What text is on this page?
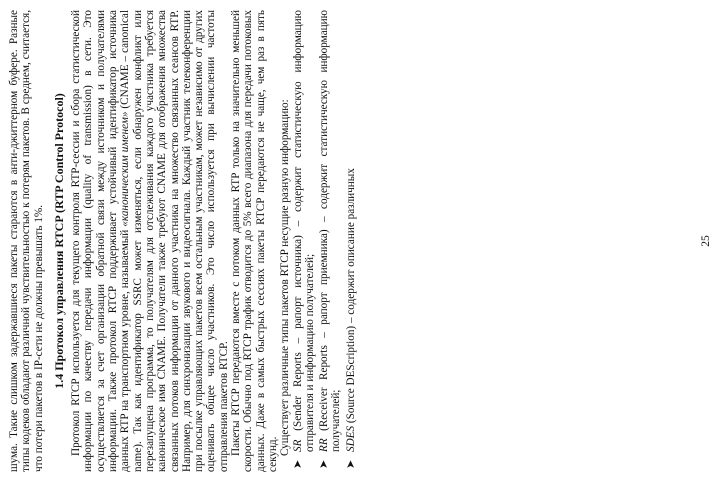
шума. Такие слишком задержавшиеся пакеты стараются в анти-джиттерном буфере. Разные типы кодеков обладают различной чувствительностью к потерям пакетов. В среднем, считается, что потери пакетов в IP-сети не должны превышать 1%. 1.4 Протокол управления RTCP (RTP Control Protocol) Протокол RTCP используется для текущего контроля RTP-сессии и сбора статистической информации по качеству передачи информации (quality of transmission) в сети. Это осуществляется за счет организации обратной связи между источником и получателями информации. Также протокол RTCP поддерживает устойчивый идентификатор источника данных RTP на транспортном уровне, называемый «каноническим именем» (CNAME – canonical name). Так как идентификатор SSRC может изменяться, если обнаружен конфликт или перезапущена программа, то получателям для отслеживания каждого участника требуется каноническое имя CNAME. Получатели также требуют CNAME для отображения множества связанных потоков информации от данного участника на множество связанных сеансов RTP. Например, для синхронизации звукового и видеосигнала. Каждый участник телеконференции при посылке управляющих пакетов всем остальным участникам, может независимо от других оценивать общее число участников. Это число используется при вычислении частоты отправления пакетов RTCP. Пакеты RTCP передаются вместе с потоком данных RTP только на значительно меньшей скорости. Обычно под RTCP трафик отводится до 5% всего диапазона для передачи потоковых данных. Даже в самых быстрых сессиях пакеты RTCP передаются не чаще, чем раз в пять секунд. Существует различные типы пакетов RTCP несущие разную информацию:

➤
SR (Sender Reports – рапорт источника) – содержит статистическую информацию отправителя и информацию получателей;
➤
RR (Receiver Reports – рапорт приемника) – содержит статистическую информацию получателей;
➤
SDES (Source DEScription) – содержит описание различных	25
